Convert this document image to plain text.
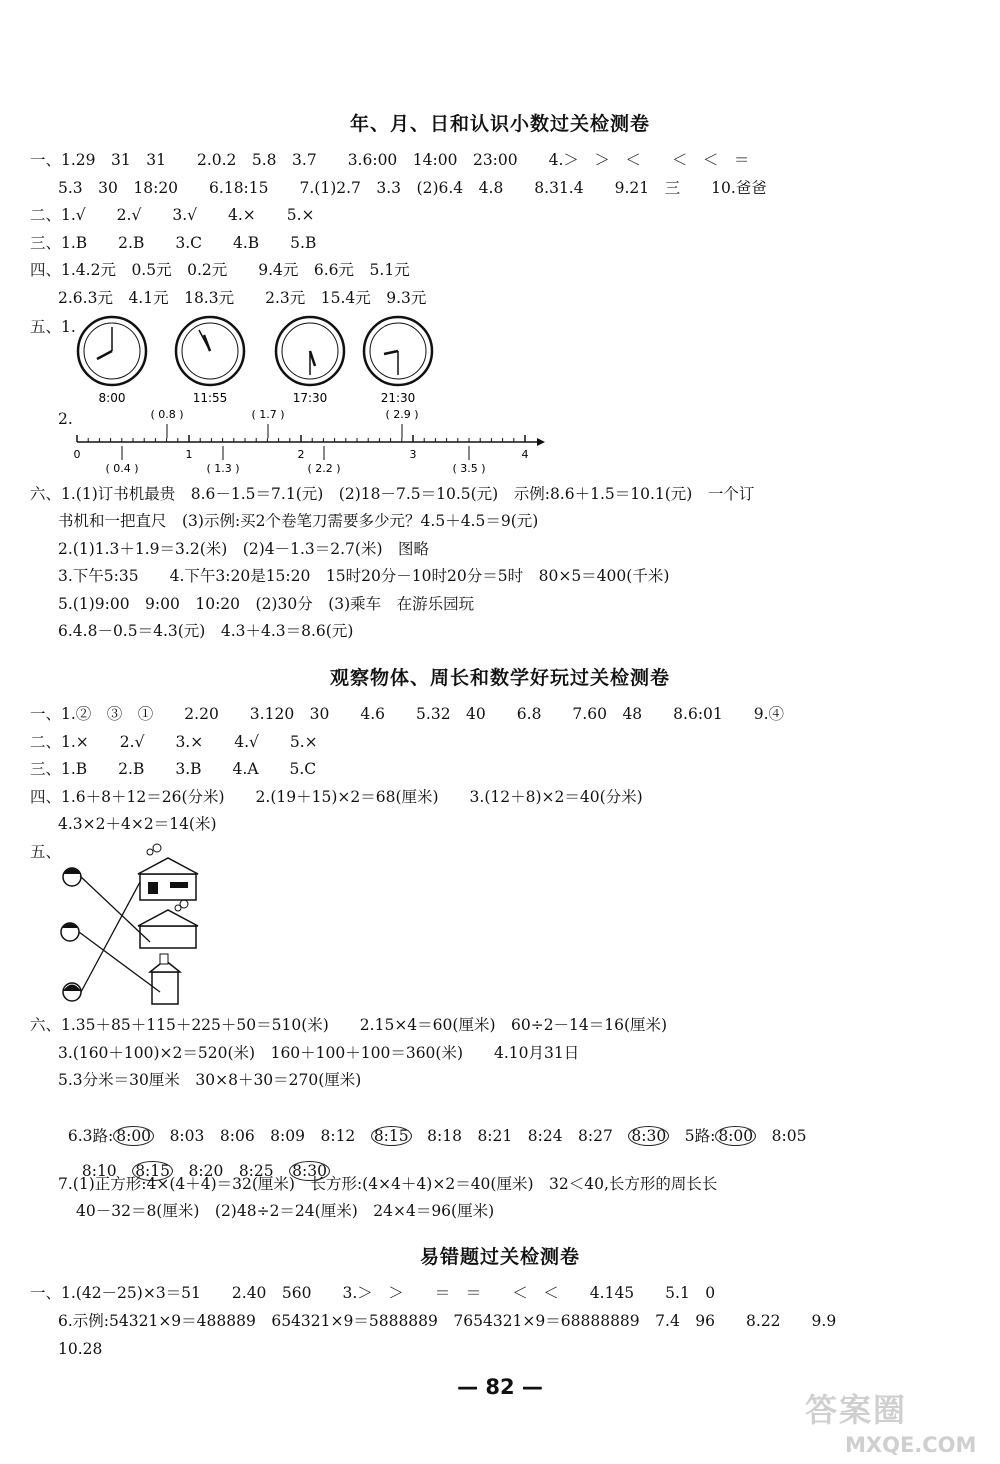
年、月、日和认识小数过关检测卷
一、1.29　31　31　　2.0.2　5.8　3.7　　3.6:00　14:00　23:00　　4.＞　＞　＜　　＜　＜　＝
5.3　30　18:20　　6.18:15　　7.(1)2.7　3.3　(2)6.4　4.8　　8.31.4　　9.21　三　　10.爸爸
二、1.√　　2.√　　3.√　　4.×　　5.×
三、1.B　　2.B　　3.C　　4.B　　5.B
四、1.4.2元　0.5元　0.2元　　9.4元　6.6元　5.1元
2.6.3元　4.1元　18.3元　　2.3元　15.4元　9.3元
五、1.
8:00	11:55	17:30	21:30
2.
0	1	2	3	4
( 0.8 )	( 1.7 )	( 2.9 )
( 0.4 )	( 1.3 )	( 2.2 )	( 3.5 )
六、1.(1)订书机最贵　8.6－1.5＝7.1(元)　(2)18－7.5＝10.5(元)　示例:8.6＋1.5＝10.1(元)　一个订
书机和一把直尺　(3)示例:买2个卷笔刀需要多少元？4.5＋4.5＝9(元)
2.(1)1.3＋1.9＝3.2(米)　(2)4－1.3＝2.7(米)　图略
3.下午5:35　　4.下午3:20是15:20　15时20分－10时20分＝5时　80×5＝400(千米)
5.(1)9:00　9:00　10:20　(2)30分　(3)乘车　在游乐园玩
6.4.8－0.5＝4.3(元)　4.3＋4.3＝8.6(元)
观察物体、周长和数学好玩过关检测卷
一、1.②　③　①　　2.20　　3.120　30　　4.6　　5.32　40　　6.8　　7.60　48　　8.6:01　　9.④
二、1.×　　2.√　　3.×　　4.√　　5.×
三、1.B　　2.B　　3.B　　4.A　　5.C
四、1.6＋8＋12＝26(分米)　　2.(19＋15)×2＝68(厘米)　　3.(12＋8)×2＝40(分米)
4.3×2＋4×2＝14(米)
五、
六、1.35＋85＋115＋225＋50＝510(米)　　2.15×4＝60(厘米)　60÷2－14＝16(厘米)
3.(160＋100)×2＝520(米)　160＋100＋100＝360(米)　　4.10月31日
5.3分米＝30厘米　30×8＋30＝270(厘米)

6.3路: 8:00　 8:03　8:06　8:09　8:12　 8:15　 8:18　8:21　8:24　8:27　 8:30　 5路: 8:00　 8:05

8:10　 8:15　 8:20　8:25　 8:30

7.(1)正方形:4×(4＋4)＝32(厘米)　长方形:(4×4＋4)×2＝40(厘米)　32＜40,长方形的周长长
40－32＝8(厘米)　(2)48÷2＝24(厘米)　24×4＝96(厘米)
易错题过关检测卷
一、1.(42－25)×3＝51　　2.40　560　　3.＞　＞　　＝　＝　　＜　＜　　4.145　　5.1　0
6.示例:54321×9＝488889　654321×9＝5888889　7654321×9＝68888889　7.4　96　　8.22　　9.9
10.28
— 82 —
答案圈
MXQE.COM
